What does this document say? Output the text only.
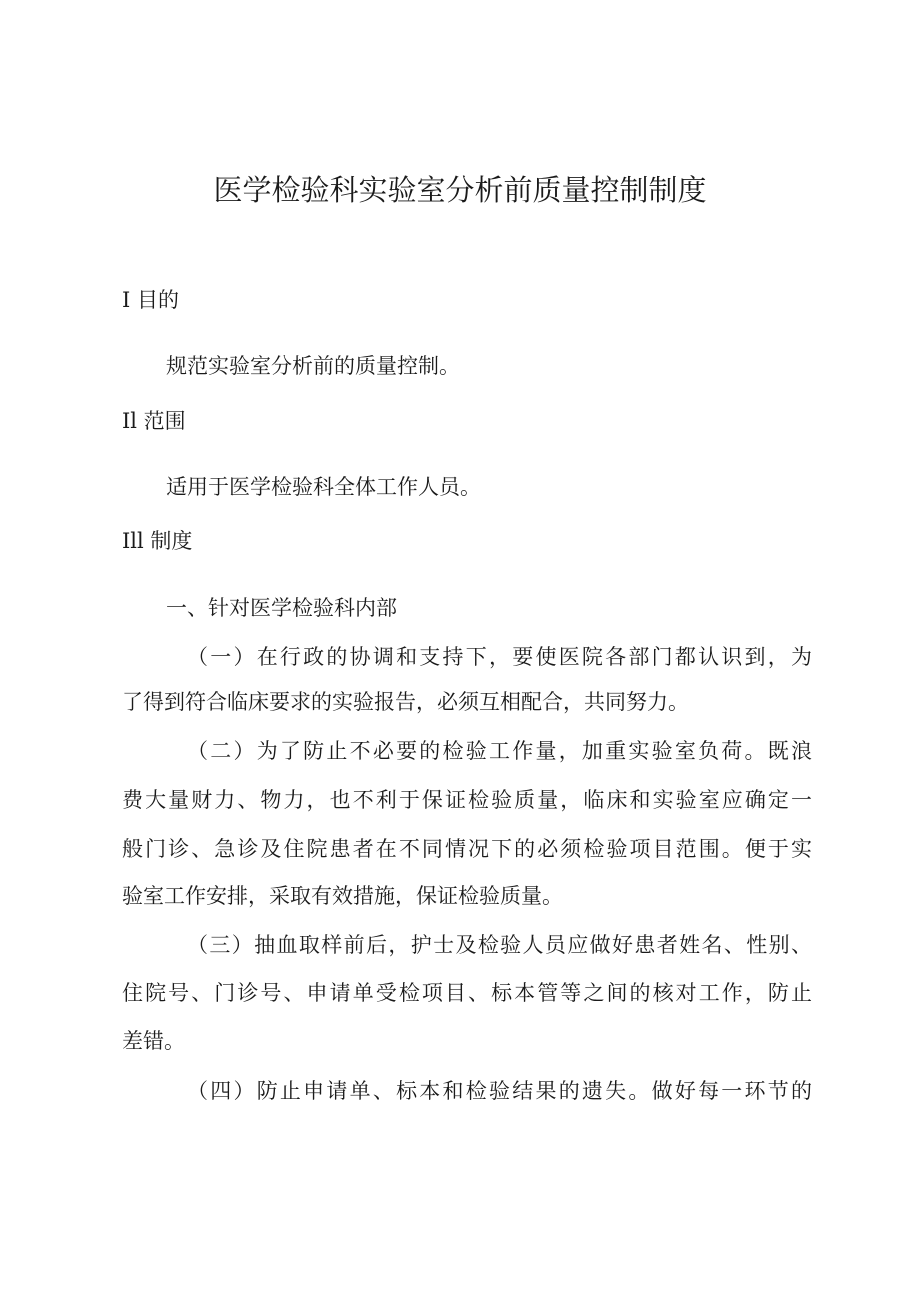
医学检验科实验室分析前质量控制制度
I 目的
规范实验室分析前的质量控制。
Il 范围
适用于医学检验科全体工作人员。
Ill 制度
一、针对医学检验科内部
（一）在行政的协调和支持下，要使医院各部门都认识到，为
了得到符合临床要求的实验报告，必须互相配合，共同努力。
（二）为了防止不必要的检验工作量，加重实验室负荷。既浪
费大量财力、物力，也不利于保证检验质量，临床和实验室应确定一
般门诊、急诊及住院患者在不同情况下的必须检验项目范围。便于实
验室工作安排，采取有效措施，保证检验质量。
（三）抽血取样前后，护士及检验人员应做好患者姓名、性别、
住院号、门诊号、申请单受检项目、标本管等之间的核对工作，防止
差错。
（四）防止申请单、标本和检验结果的遗失。做好每一环节的
